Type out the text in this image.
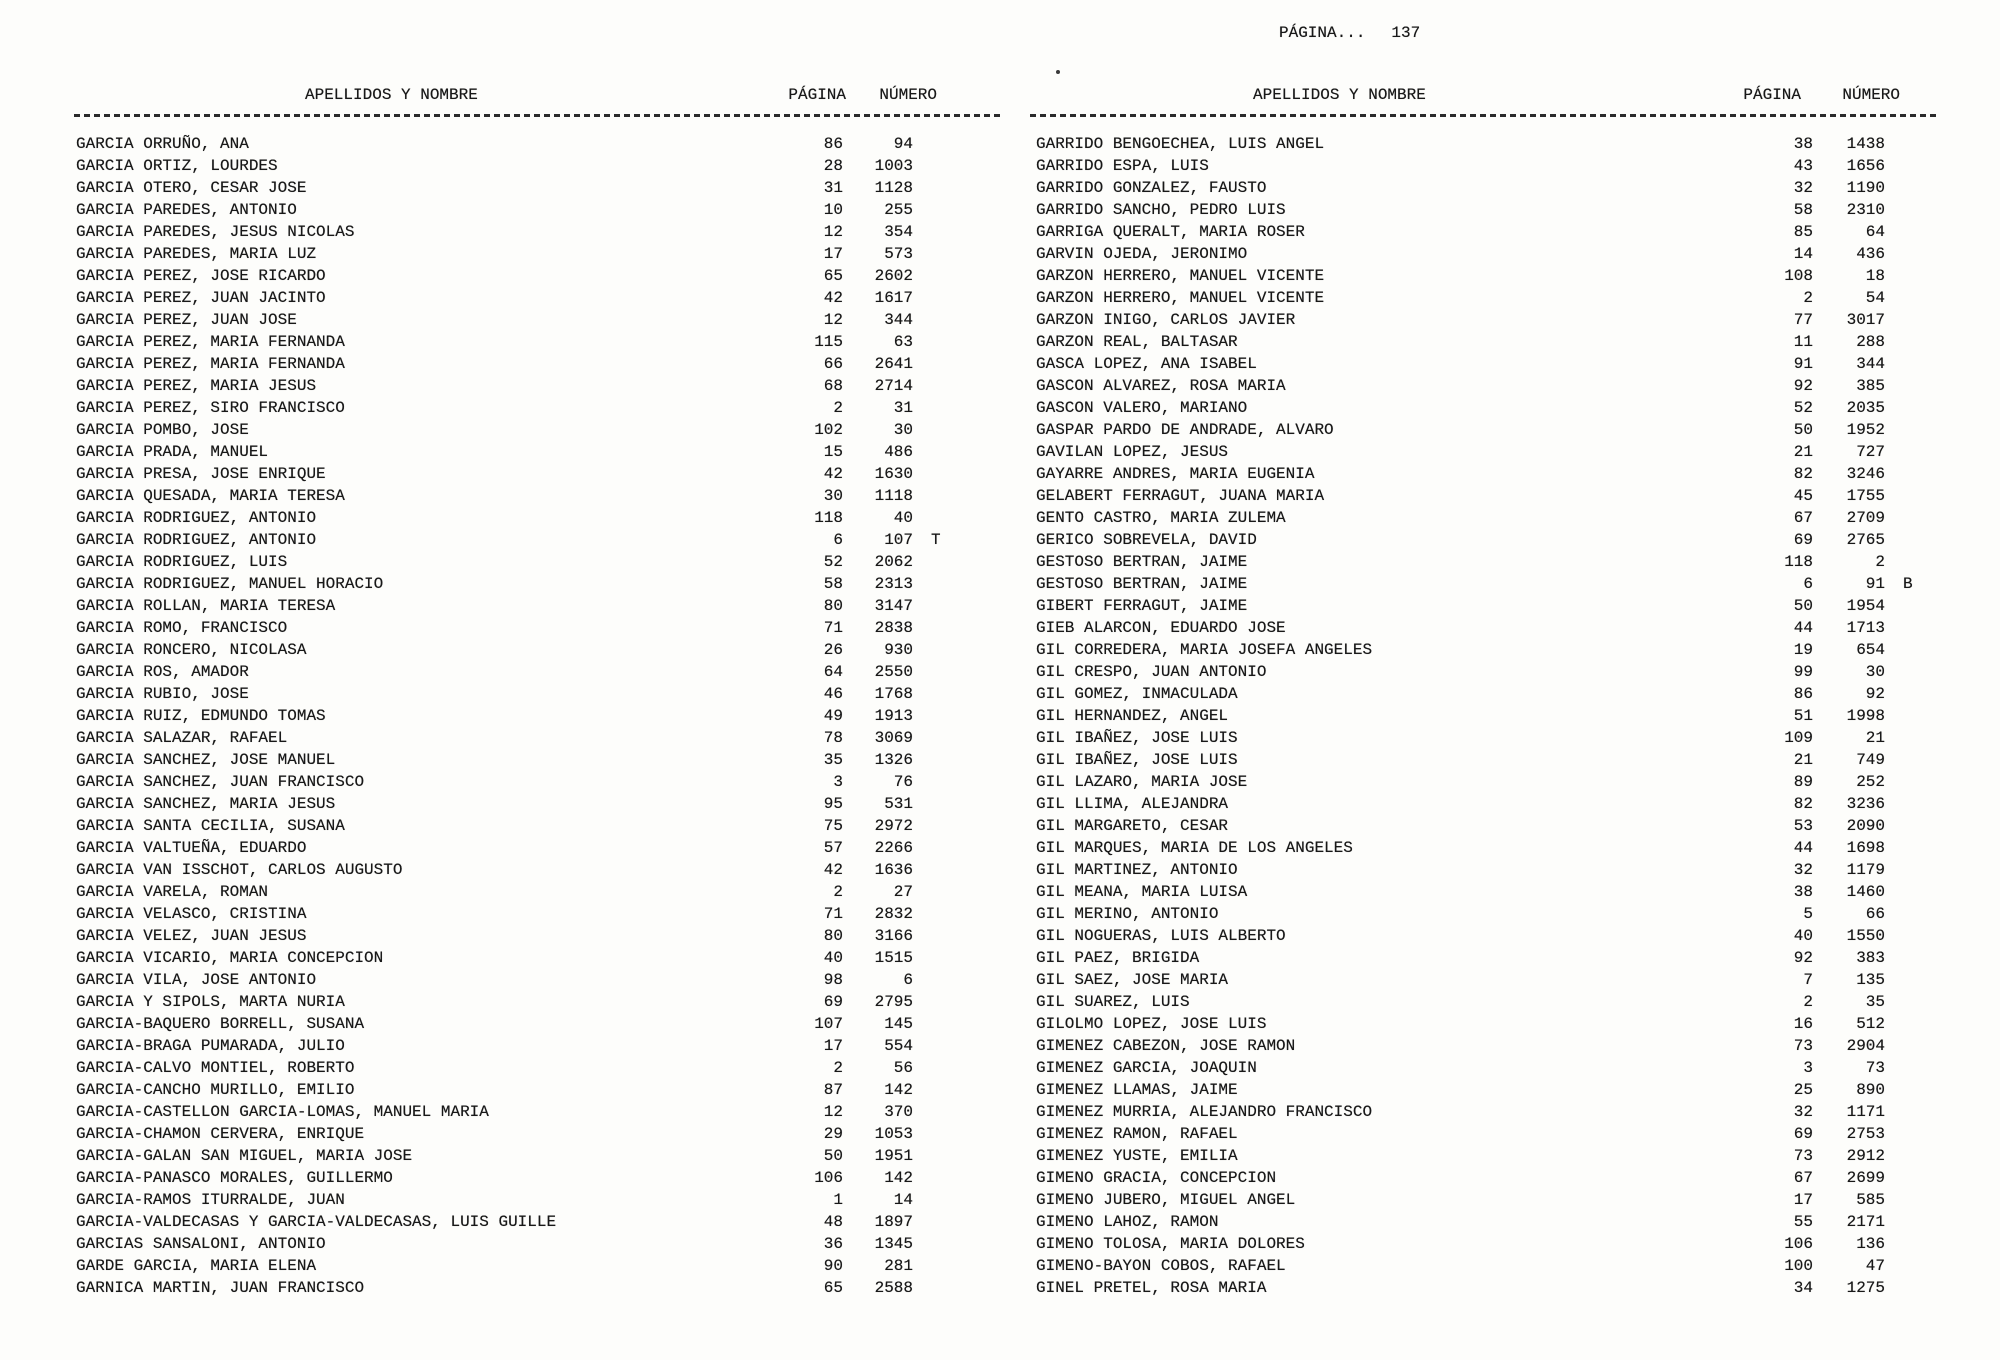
PÁGINA... 137
APELLIDOS Y NOMBRE	PÁGINA	NÚMERO	APELLIDOS Y NOMBRE	PÁGINA	NÚMERO
GARCIA ORRUÑO, ANA	86	94
GARCIA ORTIZ, LOURDES	28	1003
GARCIA OTERO, CESAR JOSE	31	1128
GARCIA PAREDES, ANTONIO	10	255
GARCIA PAREDES, JESUS NICOLAS	12	354
GARCIA PAREDES, MARIA LUZ	17	573
GARCIA PEREZ, JOSE RICARDO	65	2602
GARCIA PEREZ, JUAN JACINTO	42	1617
GARCIA PEREZ, JUAN JOSE	12	344
GARCIA PEREZ, MARIA FERNANDA	115	63
GARCIA PEREZ, MARIA FERNANDA	66	2641
GARCIA PEREZ, MARIA JESUS	68	2714
GARCIA PEREZ, SIRO FRANCISCO	2	31
GARCIA POMBO, JOSE	102	30
GARCIA PRADA, MANUEL	15	486
GARCIA PRESA, JOSE ENRIQUE	42	1630
GARCIA QUESADA, MARIA TERESA	30	1118
GARCIA RODRIGUEZ, ANTONIO	118	40
GARCIA RODRIGUEZ, ANTONIO	6	107	T
GARCIA RODRIGUEZ, LUIS	52	2062
GARCIA RODRIGUEZ, MANUEL HORACIO	58	2313
GARCIA ROLLAN, MARIA TERESA	80	3147
GARCIA ROMO, FRANCISCO	71	2838
GARCIA RONCERO, NICOLASA	26	930
GARCIA ROS, AMADOR	64	2550
GARCIA RUBIO, JOSE	46	1768
GARCIA RUIZ, EDMUNDO TOMAS	49	1913
GARCIA SALAZAR, RAFAEL	78	3069
GARCIA SANCHEZ, JOSE MANUEL	35	1326
GARCIA SANCHEZ, JUAN FRANCISCO	3	76
GARCIA SANCHEZ, MARIA JESUS	95	531
GARCIA SANTA CECILIA, SUSANA	75	2972
GARCIA VALTUEÑA, EDUARDO	57	2266
GARCIA VAN ISSCHOT, CARLOS AUGUSTO	42	1636
GARCIA VARELA, ROMAN	2	27
GARCIA VELASCO, CRISTINA	71	2832
GARCIA VELEZ, JUAN JESUS	80	3166
GARCIA VICARIO, MARIA CONCEPCION	40	1515
GARCIA VILA, JOSE ANTONIO	98	6
GARCIA Y SIPOLS, MARTA NURIA	69	2795
GARCIA-BAQUERO BORRELL, SUSANA	107	145
GARCIA-BRAGA PUMARADA, JULIO	17	554
GARCIA-CALVO MONTIEL, ROBERTO	2	56
GARCIA-CANCHO MURILLO, EMILIO	87	142
GARCIA-CASTELLON GARCIA-LOMAS, MANUEL MARIA	12	370
GARCIA-CHAMON CERVERA, ENRIQUE	29	1053
GARCIA-GALAN SAN MIGUEL, MARIA JOSE	50	1951
GARCIA-PANASCO MORALES, GUILLERMO	106	142
GARCIA-RAMOS ITURRALDE, JUAN	1	14
GARCIA-VALDECASAS Y GARCIA-VALDECASAS, LUIS GUILLE	48	1897
GARCIAS SANSALONI, ANTONIO	36	1345
GARDE GARCIA, MARIA ELENA	90	281
GARNICA MARTIN, JUAN FRANCISCO	65	2588
GARRIDO BENGOECHEA, LUIS ANGEL	38	1438
GARRIDO ESPA, LUIS	43	1656
GARRIDO GONZALEZ, FAUSTO	32	1190
GARRIDO SANCHO, PEDRO LUIS	58	2310
GARRIGA QUERALT, MARIA ROSER	85	64
GARVIN OJEDA, JERONIMO	14	436
GARZON HERRERO, MANUEL VICENTE	108	18
GARZON HERRERO, MANUEL VICENTE	2	54
GARZON INIGO, CARLOS JAVIER	77	3017
GARZON REAL, BALTASAR	11	288
GASCA LOPEZ, ANA ISABEL	91	344
GASCON ALVAREZ, ROSA MARIA	92	385
GASCON VALERO, MARIANO	52	2035
GASPAR PARDO DE ANDRADE, ALVARO	50	1952
GAVILAN LOPEZ, JESUS	21	727
GAYARRE ANDRES, MARIA EUGENIA	82	3246
GELABERT FERRAGUT, JUANA MARIA	45	1755
GENTO CASTRO, MARIA ZULEMA	67	2709
GERICO SOBREVELA, DAVID	69	2765
GESTOSO BERTRAN, JAIME	118	2
GESTOSO BERTRAN, JAIME	6	91	B
GIBERT FERRAGUT, JAIME	50	1954
GIEB ALARCON, EDUARDO JOSE	44	1713
GIL CORREDERA, MARIA JOSEFA ANGELES	19	654
GIL CRESPO, JUAN ANTONIO	99	30
GIL GOMEZ, INMACULADA	86	92
GIL HERNANDEZ, ANGEL	51	1998
GIL IBAÑEZ, JOSE LUIS	109	21
GIL IBAÑEZ, JOSE LUIS	21	749
GIL LAZARO, MARIA JOSE	89	252
GIL LLIMA, ALEJANDRA	82	3236
GIL MARGARETO, CESAR	53	2090
GIL MARQUES, MARIA DE LOS ANGELES	44	1698
GIL MARTINEZ, ANTONIO	32	1179
GIL MEANA, MARIA LUISA	38	1460
GIL MERINO, ANTONIO	5	66
GIL NOGUERAS, LUIS ALBERTO	40	1550
GIL PAEZ, BRIGIDA	92	383
GIL SAEZ, JOSE MARIA	7	135
GIL SUAREZ, LUIS	2	35
GILOLMO LOPEZ, JOSE LUIS	16	512
GIMENEZ CABEZON, JOSE RAMON	73	2904
GIMENEZ GARCIA, JOAQUIN	3	73
GIMENEZ LLAMAS, JAIME	25	890
GIMENEZ MURRIA, ALEJANDRO FRANCISCO	32	1171
GIMENEZ RAMON, RAFAEL	69	2753
GIMENEZ YUSTE, EMILIA	73	2912
GIMENO GRACIA, CONCEPCION	67	2699
GIMENO JUBERO, MIGUEL ANGEL	17	585
GIMENO LAHOZ, RAMON	55	2171
GIMENO TOLOSA, MARIA DOLORES	106	136
GIMENO-BAYON COBOS, RAFAEL	100	47
GINEL PRETEL, ROSA MARIA	34	1275
